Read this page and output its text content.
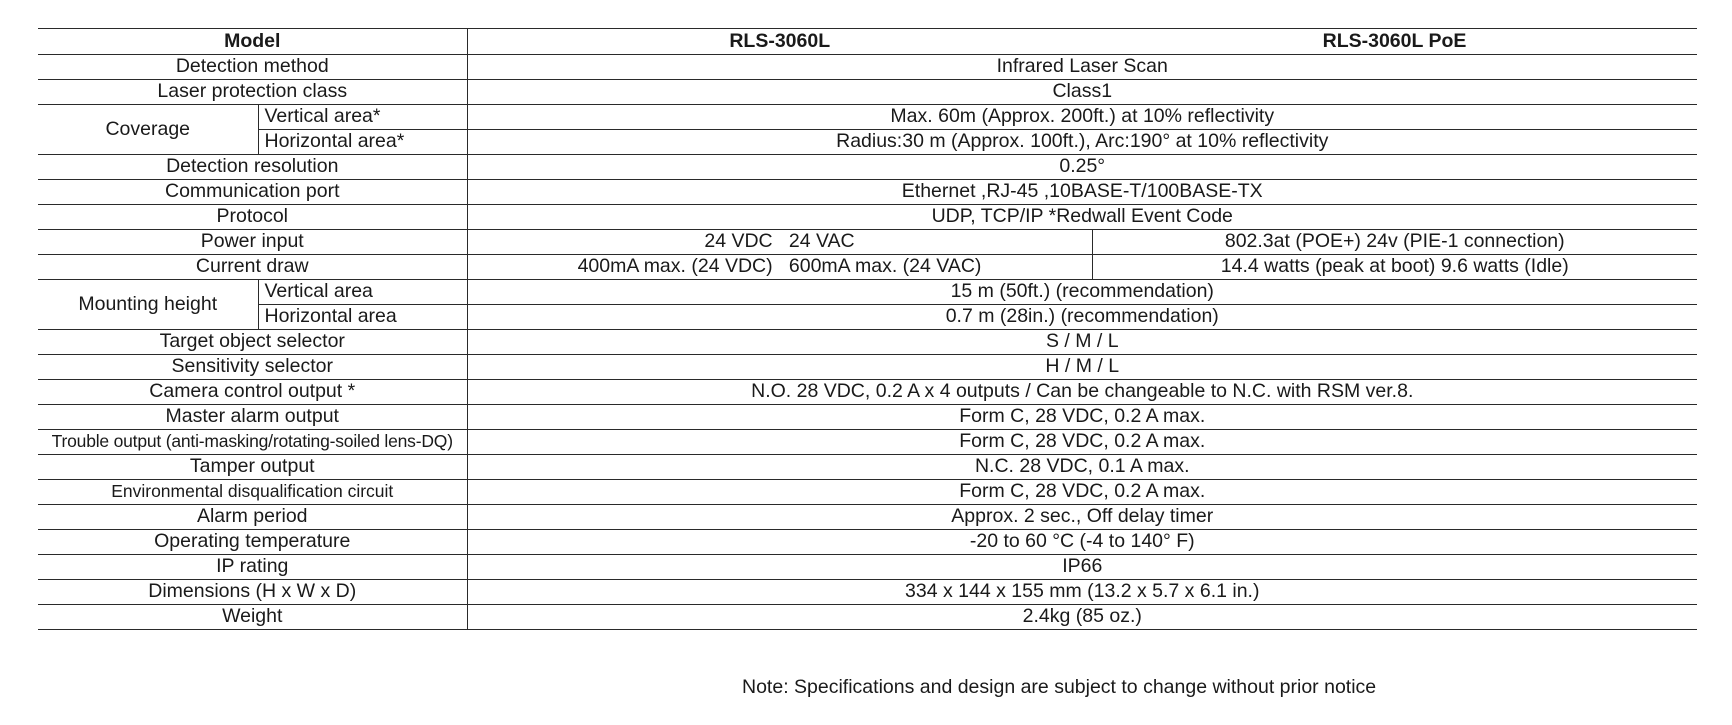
Model		RLS-3060L	RLS-3060L PoE
Detection method		Infrared Laser Scan	
Laser protection class		Class1	
Coverage	Vertical area*	Max. 60m (Approx. 200ft.) at 10% reflectivity	
	Horizontal area*	Radius:30 m (Approx. 100ft.), Arc:190° at 10% reflectivity	
Detection resolution		0.25°	
Communication port		Ethernet ,RJ-45 ,10BASE-T/100BASE-TX	
Protocol		UDP, TCP/IP *Redwall Event Code	
Power input		24 VDC   24 VAC	802.3at (POE+) 24v (PIE-1 connection)
Current draw		400mA max. (24 VDC)   600mA max. (24 VAC)	14.4 watts (peak at boot) 9.6 watts (Idle)
Mounting height	Vertical area	15 m (50ft.) (recommendation)	
	Horizontal area	0.7 m (28in.) (recommendation)	
Target object selector		S / M / L	
Sensitivity selector		H / M / L	
Camera control output *		N.O. 28 VDC, 0.2 A x 4 outputs / Can be changeable to N.C. with RSM ver.8.	
Master alarm output		Form C, 28 VDC, 0.2 A max.	
Trouble output (anti-masking/rotating-soiled lens-DQ)		Form C, 28 VDC, 0.2 A max.	
Tamper output		N.C. 28 VDC, 0.1 A max.	
Environmental disqualification circuit		Form C, 28 VDC, 0.2 A max.	
Alarm period		Approx. 2 sec., Off delay timer	
Operating temperature		-20 to 60 °C (-4 to 140° F)	
IP rating		IP66	
Dimensions (H x W x D)		334 x 144 x 155 mm (13.2 x 5.7 x 6.1 in.)	
Weight		2.4kg (85 oz.)	
Note: Specifications and design are subject to change without prior notice
